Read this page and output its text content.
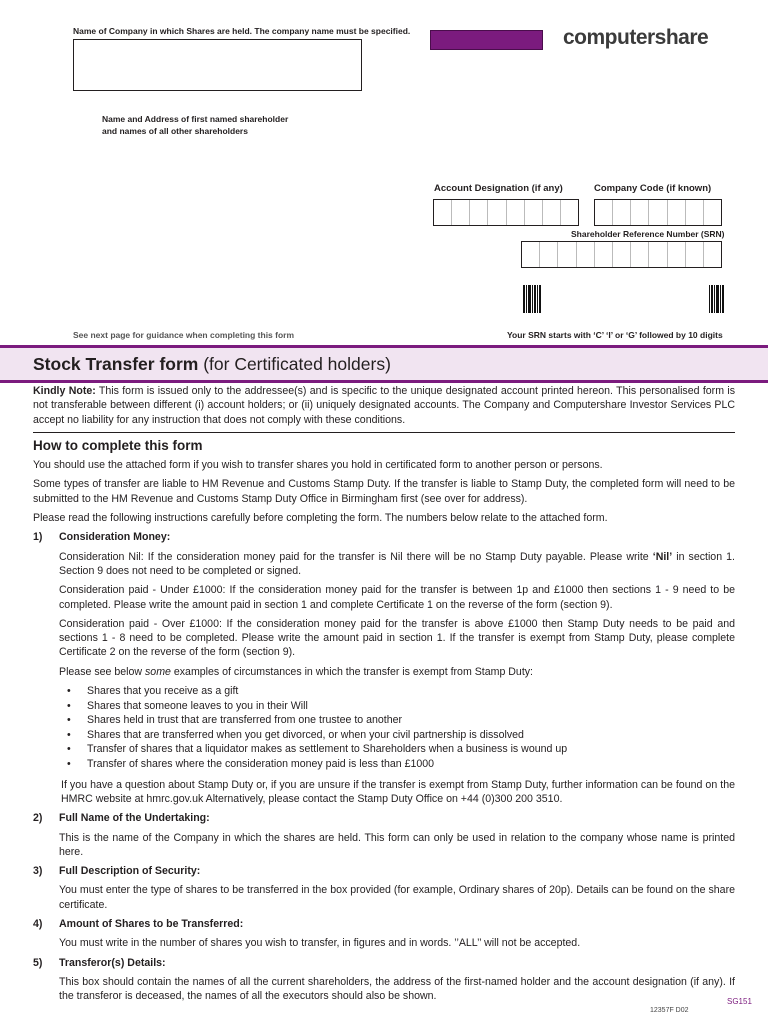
Name of Company in which Shares are held. The company name must be specified.	computershare
Name and Address of first named shareholder
and names of all other shareholders
Account Designation (if any)	Company Code (if known)
Shareholder Reference Number (SRN)
See next page for guidance when completing this form	Your SRN starts with ‘C’ ‘I’ or ‘G’ followed by 10 digits
Stock Transfer form (for Certificated holders)

Kindly Note: This form is issued only to the addressee(s) and is specific to the unique designated account printed hereon. This personalised form is not transferable between different (i) account holders; or (ii) uniquely designated accounts. The Company and Computershare Investor Services PLC accept no liability for any instruction that does not comply with these conditions.

How to complete this form

You should use the attached form if you wish to transfer shares you hold in certificated form to another person or persons.

Some types of transfer are liable to HM Revenue and Customs Stamp Duty. If the transfer is liable to Stamp Duty, the completed form will need to be submitted to the HM Revenue and Customs Stamp Duty Office in Birmingham first (see over for address).

Please read the following instructions carefully before completing the form. The numbers below relate to the attached form.

1)	Consideration Money:

Consideration Nil: If the consideration money paid for the transfer is Nil there will be no Stamp Duty payable. Please write ‘Nil’ in section 1. Section 9 does not need to be completed or signed.

Consideration paid - Under £1000: If the consideration money paid for the transfer is between 1p and £1000 then sections 1 - 9 need to be completed. Please write the amount paid in section 1 and complete Certificate 1 on the reverse of the form (section 9).

Consideration paid - Over £1000: If the consideration money paid for the transfer is above £1000 then Stamp Duty needs to be paid and sections 1 - 8 need to be completed. Please write the amount paid in section 1. If the transfer is exempt from Stamp Duty, please complete Certificate 2 on the reverse of the form (section 9).

Please see below some examples of circumstances in which the transfer is exempt from Stamp Duty:

• Shares that you receive as a gift
• Shares that someone leaves to you in their Will
• Shares held in trust that are transferred from one trustee to another
• Shares that are transferred when you get divorced, or when your civil partnership is dissolved
• Transfer of shares that a liquidator makes as settlement to Shareholders when a business is wound up
• Transfer of shares where the consideration money paid is less than £1000

If you have a question about Stamp Duty or, if you are unsure if the transfer is exempt from Stamp Duty, further information can be found on the HMRC website at hmrc.gov.uk Alternatively, please contact the Stamp Duty Office on +44 (0)300 200 3510.

2)	Full Name of the Undertaking:

This is the name of the Company in which the shares are held. This form can only be used in relation to the company whose name is printed here.

3)	Full Description of Security:

You must enter the type of shares to be transferred in the box provided (for example, Ordinary shares of 20p). Details can be found on the share certificate.

4)	Amount of Shares to be Transferred:

You must write in the number of shares you wish to transfer, in figures and in words. ’’ALL’’ will not be accepted.

5)	Transferor(s) Details:

This box should contain the names of all the current shareholders, the address of the first-named holder and the account designation (if any). If the transferor is deceased, the names of all the executors should also be shown.

12357F D02
SG151
